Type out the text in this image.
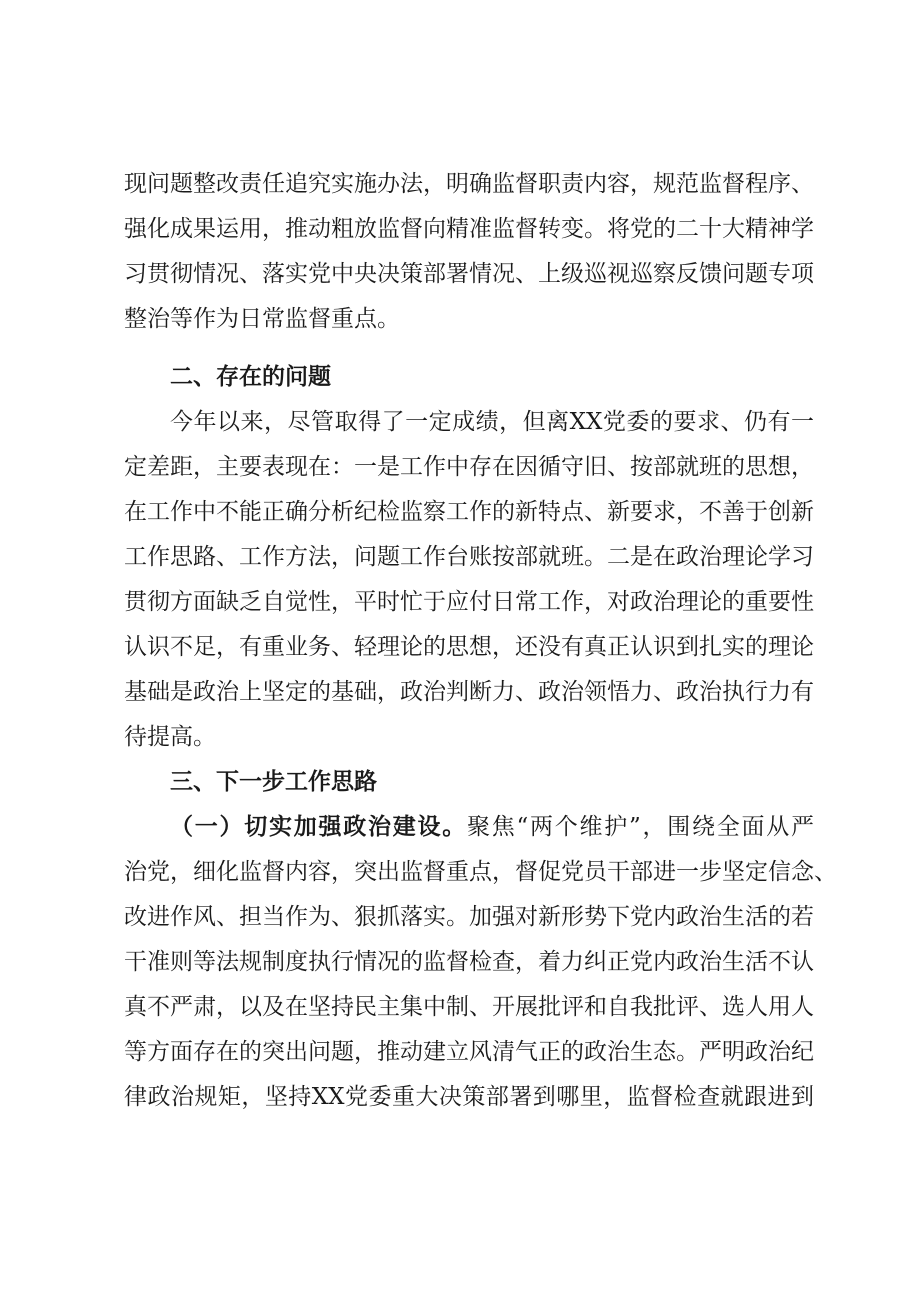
现问题整改责任追究实施办法，明确监督职责内容，规范监督程序、
强化成果运用，推动粗放监督向精准监督转变。将党的二十大精神学
习贯彻情况、落实党中央决策部署情况、上级巡视巡察反馈问题专项
整治等作为日常监督重点。
二、存在的问题
今年以来，尽管取得了一定成绩，但离XX党委的要求、仍有一
定差距，主要表现在：一是工作中存在因循守旧、按部就班的思想，
在工作中不能正确分析纪检监察工作的新特点、新要求，不善于创新
工作思路、工作方法，问题工作台账按部就班。二是在政治理论学习
贯彻方面缺乏自觉性，平时忙于应付日常工作，对政治理论的重要性
认识不足，有重业务、轻理论的思想，还没有真正认识到扎实的理论
基础是政治上坚定的基础，政治判断力、政治领悟力、政治执行力有
待提高。
三、下一步工作思路
（一）切实加强政治建设。聚焦“两个维护”，围绕全面从严
治党，细化监督内容，突出监督重点，督促党员干部进一步坚定信念、
改进作风、担当作为、狠抓落实。加强对新形势下党内政治生活的若
干准则等法规制度执行情况的监督检查，着力纠正党内政治生活不认
真不严肃，以及在坚持民主集中制、开展批评和自我批评、选人用人
等方面存在的突出问题，推动建立风清气正的政治生态。严明政治纪
律政治规矩，坚持XX党委重大决策部署到哪里，监督检查就跟进到
